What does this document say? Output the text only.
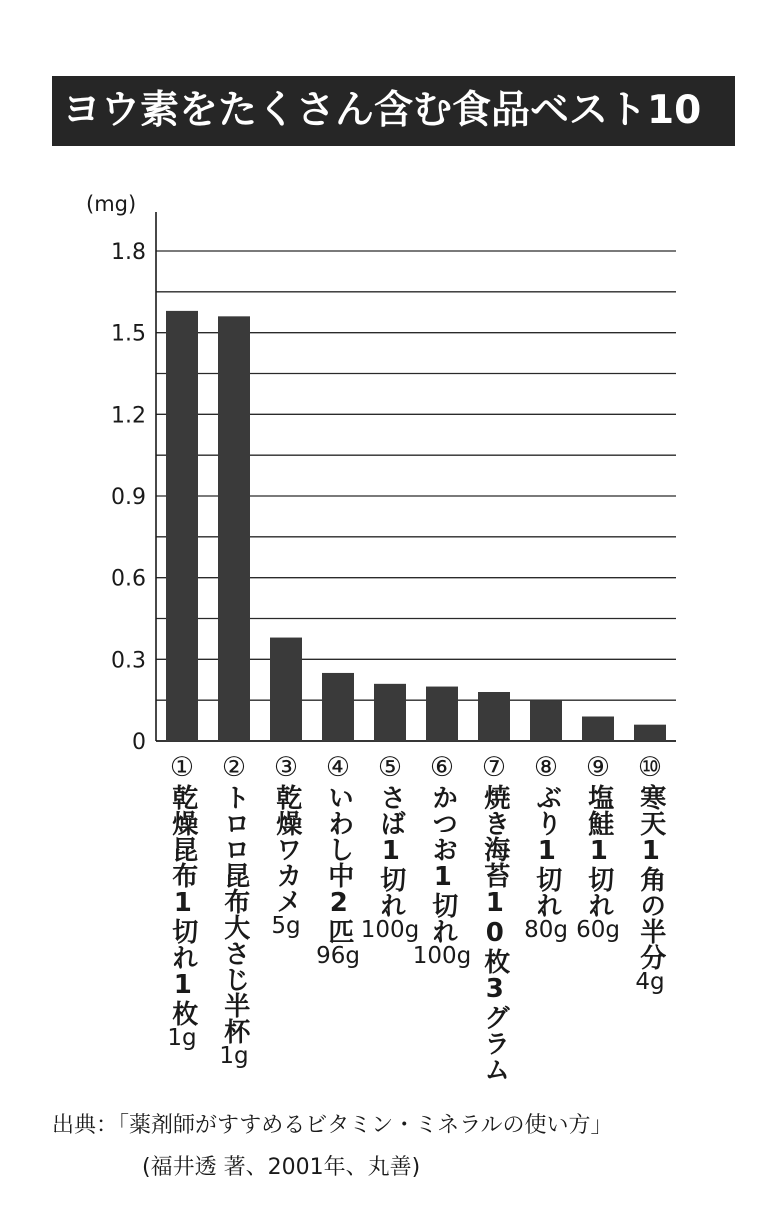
ヨウ素をたくさん含む食品ベスト10
(mg)
0
0.3
0.6
0.9
1.2
1.5
1.8
①
乾燥昆布1切れ1枚
1g
②
トロロ昆布大さじ半杯
1g
③
乾燥ワカメ
5g
④
いわし中2匹
96g
⑤
さば1切れ
100g
⑥
かつお1切れ
100g
⑦
焼き海苔10枚3グラム
⑧
ぶり1切れ
80g
⑨
塩鮭1切れ
60g
⑩
寒天1角の半分
4g
出典：「薬剤師がすすめるビタミン・ミネラルの使い方」
(福井透 著、2001年、丸善)
